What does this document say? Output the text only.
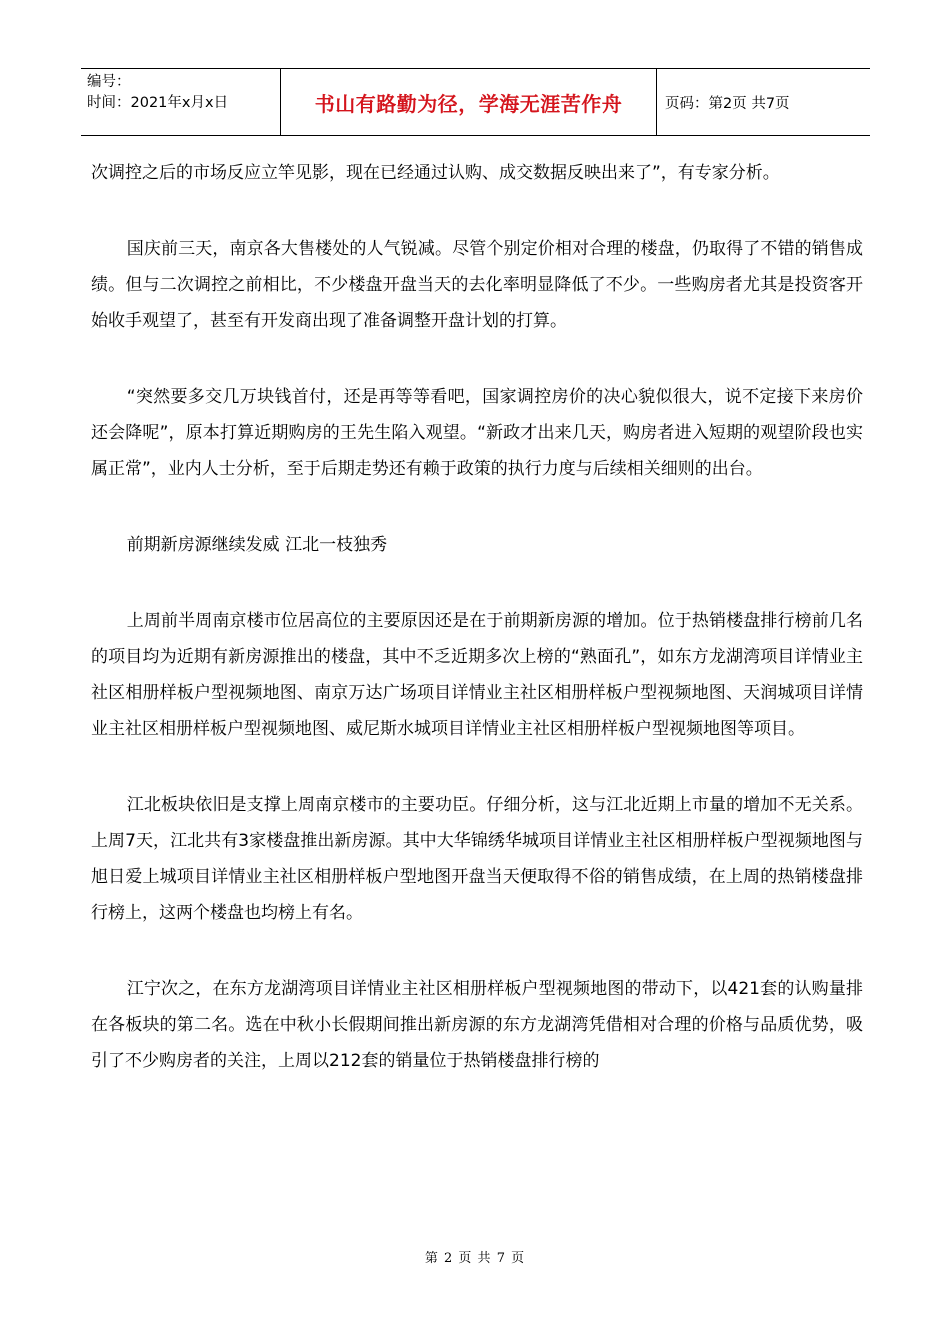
编号：
时间：2021年x月x日	书山有路勤为径，学海无涯苦作舟	页码：第2页 共7页

次调控之后的市场反应立竿见影，现在已经通过认购、成交数据反映出来了”，有专家分析。

国庆前三天，南京各大售楼处的人气锐减。尽管个别定价相对合理的楼盘，仍取得了不错的销售成绩。但与二次调控之前相比，不少楼盘开盘当天的去化率明显降低了不少。一些购房者尤其是投资客开始收手观望了，甚至有开发商出现了准备调整开盘计划的打算。

“突然要多交几万块钱首付，还是再等等看吧，国家调控房价的决心貌似很大，说不定接下来房价还会降呢”，原本打算近期购房的王先生陷入观望。“新政才出来几天，购房者进入短期的观望阶段也实属正常”，业内人士分析，至于后期走势还有赖于政策的执行力度与后续相关细则的出台。

前期新房源继续发威 江北一枝独秀

上周前半周南京楼市位居高位的主要原因还是在于前期新房源的增加。位于热销楼盘排行榜前几名的项目均为近期有新房源推出的楼盘，其中不乏近期多次上榜的“熟面孔”，如东方龙湖湾项目详情业主社区相册样板户型视频地图、南京万达广场项目详情业主社区相册样板户型视频地图、天润城项目详情业主社区相册样板户型视频地图、威尼斯水城项目详情业主社区相册样板户型视频地图等项目。

江北板块依旧是支撑上周南京楼市的主要功臣。仔细分析，这与江北近期上市量的增加不无关系。上周7天，江北共有3家楼盘推出新房源。其中大华锦绣华城项目详情业主社区相册样板户型视频地图与旭日爱上城项目详情业主社区相册样板户型地图开盘当天便取得不俗的销售成绩，在上周的热销楼盘排行榜上，这两个楼盘也均榜上有名。

江宁次之，在东方龙湖湾项目详情业主社区相册样板户型视频地图的带动下，以421套的认购量排在各板块的第二名。选在中秋小长假期间推出新房源的东方龙湖湾凭借相对合理的价格与品质优势，吸引了不少购房者的关注，上周以212套的销量位于热销楼盘排行榜的

第 2 页 共 7 页
